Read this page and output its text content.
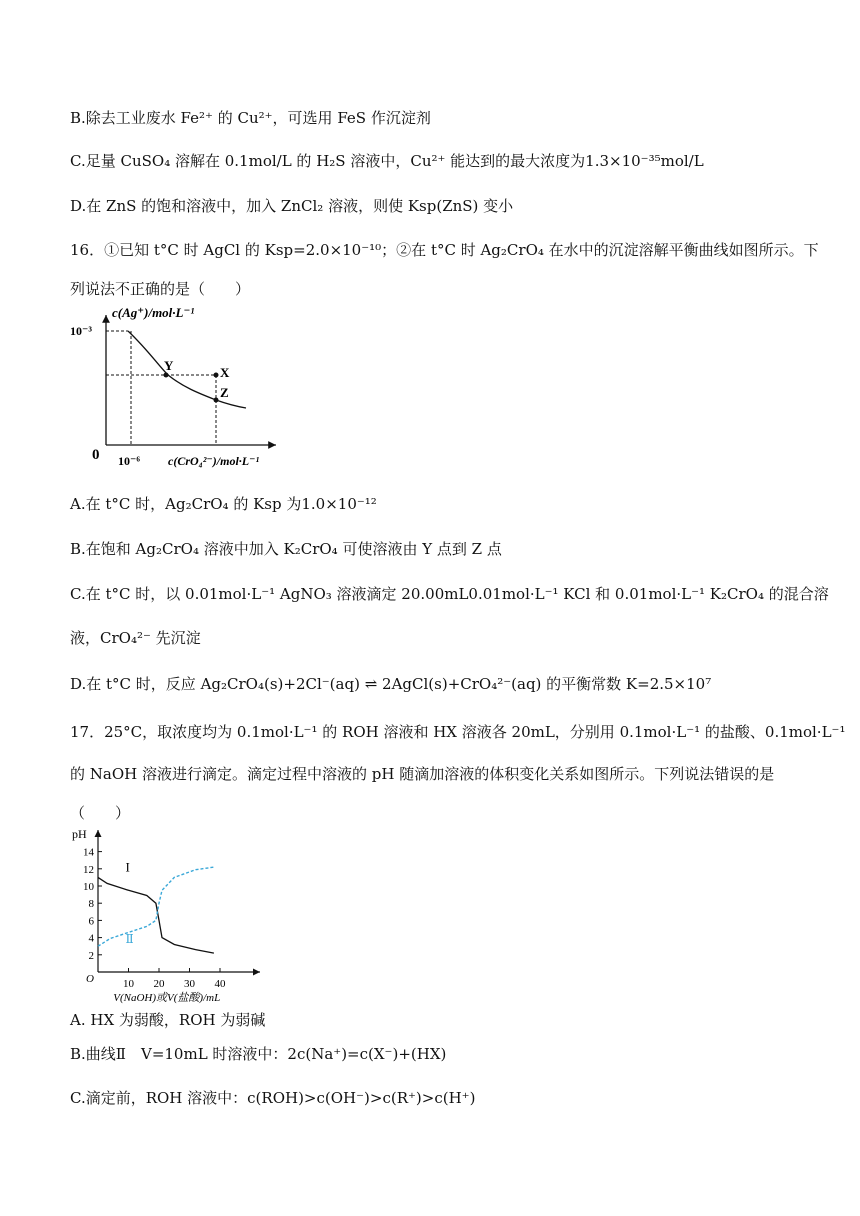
B.除去工业废水 Fe²⁺ 的 Cu²⁺，可选用 FeS 作沉淀剂
C.足量 CuSO₄ 溶解在 0.1mol/L 的 H₂S 溶液中，Cu²⁺ 能达到的最大浓度为1.3×10⁻³⁵mol/L
D.在 ZnS 的饱和溶液中，加入 ZnCl₂ 溶液，则使 Ksp(ZnS) 变小
16．①已知 t°C 时 AgCl 的 Ksp=2.0×10⁻¹⁰；②在 t°C 时 Ag₂CrO₄ 在水中的沉淀溶解平衡曲线如图所示。下
列说法不正确的是（　　）
c(Ag⁺)/mol·L⁻¹
10⁻³
0 10⁻⁶ c(CrO₄²⁻)/mol·L⁻¹
Y	X
Z
A.在 t°C 时，Ag₂CrO₄ 的 Ksp 为1.0×10⁻¹²
B.在饱和 Ag₂CrO₄ 溶液中加入 K₂CrO₄ 可使溶液由 Y 点到 Z 点
C.在 t°C 时，以 0.01mol·L⁻¹ AgNO₃ 溶液滴定 20.00mL0.01mol·L⁻¹ KCl 和 0.01mol·L⁻¹ K₂CrO₄ 的混合溶
液，CrO₄²⁻ 先沉淀
D.在 t°C 时，反应 Ag₂CrO₄(s)+2Cl⁻(aq) ⇌ 2AgCl(s)+CrO₄²⁻(aq) 的平衡常数 K=2.5×10⁷
17．25°C，取浓度均为 0.1mol·L⁻¹ 的 ROH 溶液和 HX 溶液各 20mL，分别用 0.1mol·L⁻¹ 的盐酸、0.1mol·L⁻¹
的 NaOH 溶液进行滴定。滴定过程中溶液的 pH 随滴加溶液的体积变化关系如图所示。下列说法错误的是
（　　）
pH
O
2
4
6
8
10
12
14
10 20 30 40
V(NaOH)或V(盐酸)/mL
I
Ⅱ
A. HX 为弱酸，ROH 为弱碱
B.曲线Ⅱ　V=10mL 时溶液中：2c(Na⁺)=c(X⁻)+(HX)
C.滴定前，ROH 溶液中：c(ROH)>c(OH⁻)>c(R⁺)>c(H⁺)
